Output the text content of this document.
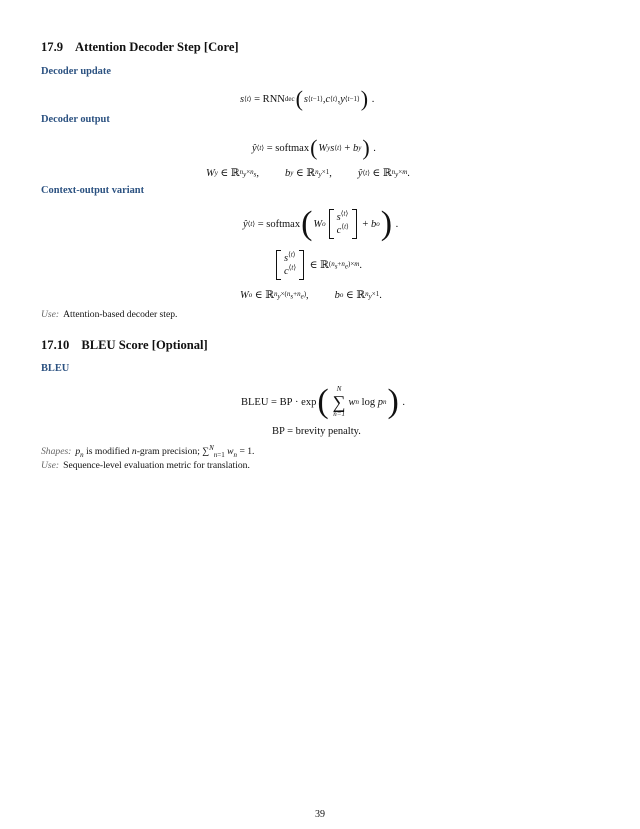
17.9 Attention Decoder Step [Core]
Decoder update
s ⟨t⟩ = RNN dec ( s ⟨t−1⟩ , c ⟨t⟩ , y ⟨t−1⟩ ) .
Decoder output
ŷ ⟨t⟩ = softmax ( W y s ⟨t⟩ + b y ) .
W y ∈ ℝ $n_y\times n_s$ , b y ∈ ℝ $n_y\times 1$ , ŷ ⟨t⟩ ∈ ℝ $n_y\times m$ .
Context-output variant
ŷ ⟨t⟩ = softmax ( W o
$s^{⟨t⟩}$
$c^{⟨t⟩} + b$ o ) .
$s^{⟨t⟩}$
$c^{⟨t⟩}$ ∈ ℝ $(n_s+n_e)\times m$ .
W o ∈ ℝ $n_y\times(n_s+n_e)$ , b o ∈ ℝ $n_y\times 1$ .
Use: Attention-based decoder step.
17.10 BLEU Score [Optional]
BLEU
BLEU = BP · exp ( N
∑
n=1
w n log p n ) .
BP = brevity penalty.
Shapes: $p_n$ is modified n-gram precision; ∑$^N_{n=1}$ $w_n = 1$.
Use: Sequence-level evaluation metric for translation.
39
